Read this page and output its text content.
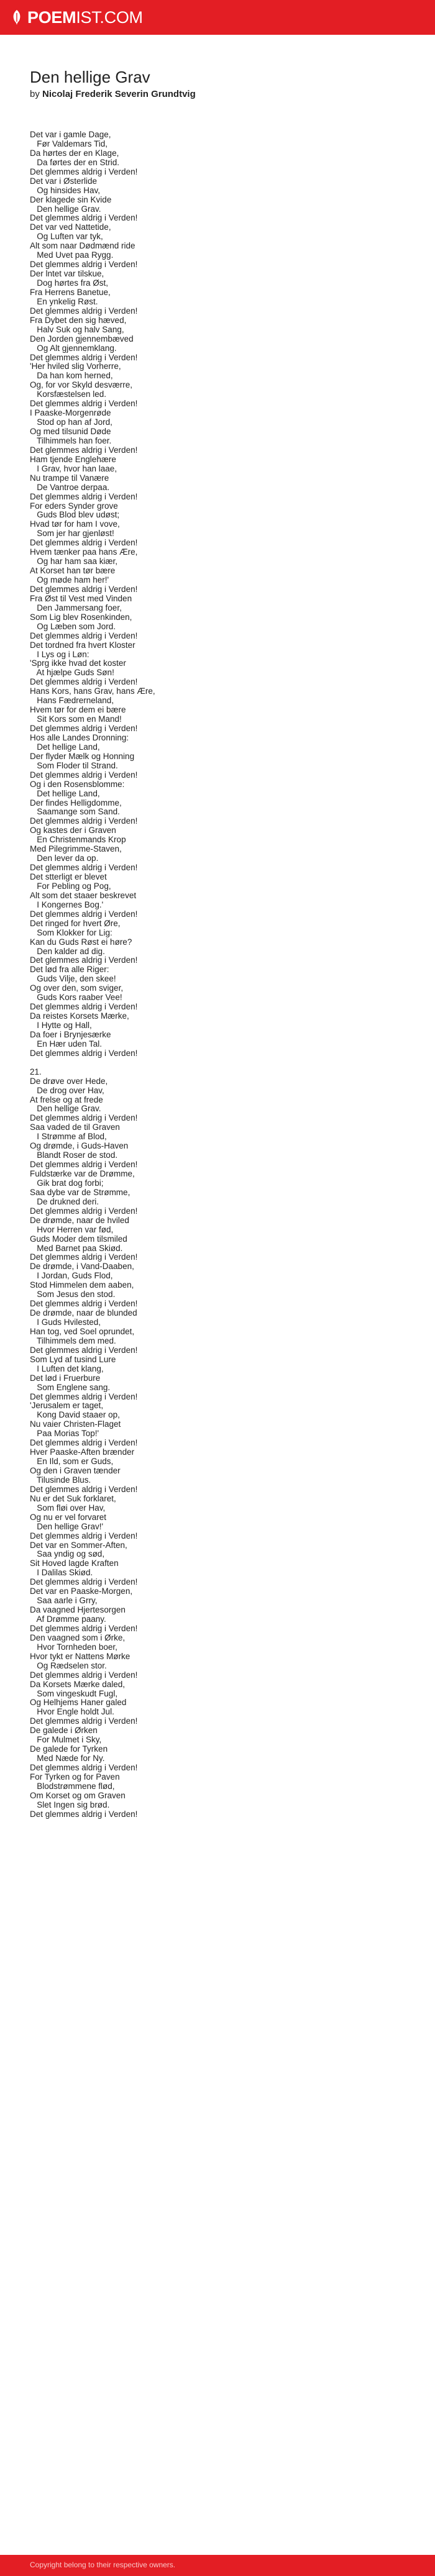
POEMIST.COM
Den hellige Grav
by Nicolaj Frederik Severin Grundtvig
Det var i gamle Dage,
Før Valdemars Tid,
Da hørtes der en Klage,
Da førtes der en Strid.
Det glemmes aldrig i Verden!
Det var i Østerlide
Og hinsides Hav,
Der klagede sin Kvide
Den hellige Grav.
Det glemmes aldrig i Verden!
Det var ved Nattetide,
Og Luften var tyk,
Alt som naar Dødmænd ride
Med Uvet paa Rygg.
Det glemmes aldrig i Verden!
Der lntet var tilskue,
Dog hørtes fra Øst,
Fra Herrens Banetue,
En ynkelig Røst.
Det glemmes aldrig i Verden!
Fra Dybet den sig hæved,
Halv Suk og halv Sang,
Den Jorden gjennembæved
Og Alt gjennemklang.
Det glemmes aldrig i Verden!
'Her hviled slig Vorherre,
Da han kom herned,
Og, for vor Skyld desværre,
Korsfæstelsen led.
Det glemmes aldrig i Verden!
I Paaske-Morgenrøde
Stod op han af Jord,
Og med tilsunid Døde
Tilhimmels han foer.
Det glemmes aldrig i Verden!
Ham tjende Englehære
I Grav, hvor han laae,
Nu trampe til Vanære
De Vantroe derpaa.
Det glemmes aldrig i Verden!
For eders Synder grove
Guds Blod blev udøst;
Hvad tør for ham I vove,
Som jer har gjenløst!
Det glemmes aldrig i Verden!
Hvem tænker paa hans Ære,
Og har ham saa kiær,
At Korset han tør bære
Og møde ham her!'
Det glemmes aldrig i Verden!
Fra Øst til Vest med Vinden
Den Jammersang foer,
Som Lig blev Rosenkinden,
Og Læben som Jord.
Det glemmes aldrig i Verden!
Det tordned fra hvert Kloster
I Lys og i Løn:
'Sprg ikke hvad det koster
At hjælpe Guds Søn!
Det glemmes aldrig i Verden!
Hans Kors, hans Grav, hans Ære,
Hans Fædrerneland,
Hvem tør for dem ei bære
Sit Kors som en Mand!
Det glemmes aldrig i Verden!
Hos alle Landes Dronning:
Det hellige Land,
Der flyder Mælk og Honning
Som Floder til Strand.
Det glemmes aldrig i Verden!
Og i den Rosensblomme:
Det hellige Land,
Der findes Helligdomme,
Saamange som Sand.
Det glemmes aldrig i Verden!
Og kastes der i Graven
En Christenmands Krop
Med Pilegrimme-Staven,
Den lever da op.
Det glemmes aldrig i Verden!
Det stterligt er blevet
For Pebling og Pog,
Alt som det staaer beskrevet
I Kongernes Bog.'
Det glemmes aldrig i Verden!
Det ringed for hvert Øre,
Som Klokker for Lig:
Kan du Guds Røst ei høre?
Den kalder ad dig.
Det glemmes aldrig i Verden!
Det lød fra alle Riger:
Guds Vilje, den skee!
Og over den, som sviger,
Guds Kors raaber Vee!
Det glemmes aldrig i Verden!
Da reistes Korsets Mærke,
I Hytte og Hall,
Da foer i Brynjesærke
En Hær uden Tal.
Det glemmes aldrig i Verden!
21.
De drøve over Hede,
De drog over Hav,
At frelse og at frede
Den hellige Grav.
Det glemmes aldrig i Verden!
Saa vaded de til Graven
I Strømme af Blod,
Og drømde, i Guds-Haven
Blandt Roser de stod.
Det glemmes aldrig i Verden!
Fuldstærke var de Drømme,
Gik brat dog forbi;
Saa dybe var de Strømme,
De drukned deri.
Det glemmes aldrig i Verden!
De drømde, naar de hviled
Hvor Herren var fød,
Guds Moder dem tilsmiled
Med Barnet paa Skiød.
Det glemmes aldrig i Verden!
De drømde, i Vand-Daaben,
I Jordan, Guds Flod,
Stod Himmelen dem aaben,
Som Jesus den stod.
Det glemmes aldrig i Verden!
De drømde, naar de blunded
I Guds Hvilested,
Han tog, ved Soel oprundet,
Tilhimmels dem med.
Det glemmes aldrig i Verden!
Som Lyd af tusind Lure
I Luften det klang,
Det lød i Fruerbure
Som Englene sang.
Det glemmes aldrig i Verden!
'Jerusalem er taget,
Kong David staaer op,
Nu vaier Christen-Flaget
Paa Morias Top!'
Det glemmes aldrig i Verden!
Hver Paaske-Aften brænder
En Ild, som er Guds,
Og den i Graven tænder
Tilusinde Blus.
Det glemmes aldrig i Verden!
Nu er det Suk forklaret,
Som fløi over Hav,
Og nu er vel forvaret
Den hellige Grav!'
Det glemmes aldrig i Verden!
Det var en Sommer-Aften,
Saa yndig og sød,
Sit Hoved lagde Kraften
I Dalilas Skiød.
Det glemmes aldrig i Verden!
Det var en Paaske-Morgen,
Saa aarle i Grry,
Da vaagned Hjertesorgen
Af Drømme paany.
Det glemmes aldrig i Verden!
Den vaagned som i Ørke,
Hvor Tornheden boer,
Hvor tykt er Nattens Mørke
Og Rædselen stor.
Det glemmes aldrig i Verden!
Da Korsets Mærke daled,
Som vingeskudt Fugl,
Og Helhjems Haner galed
Hvor Engle holdt Jul.
Det glemmes aldrig i Verden!
De galede i Ørken
For Mulmet i Sky,
De galede for Tyrken
Med Næde for Ny.
Det glemmes aldrig i Verden!
For Tyrken og for Paven
Blodstrømmene flød,
Om Korset og om Graven
Slet Ingen sig brød.
Det glemmes aldrig i Verden!
Copyright belong to their respective owners.
